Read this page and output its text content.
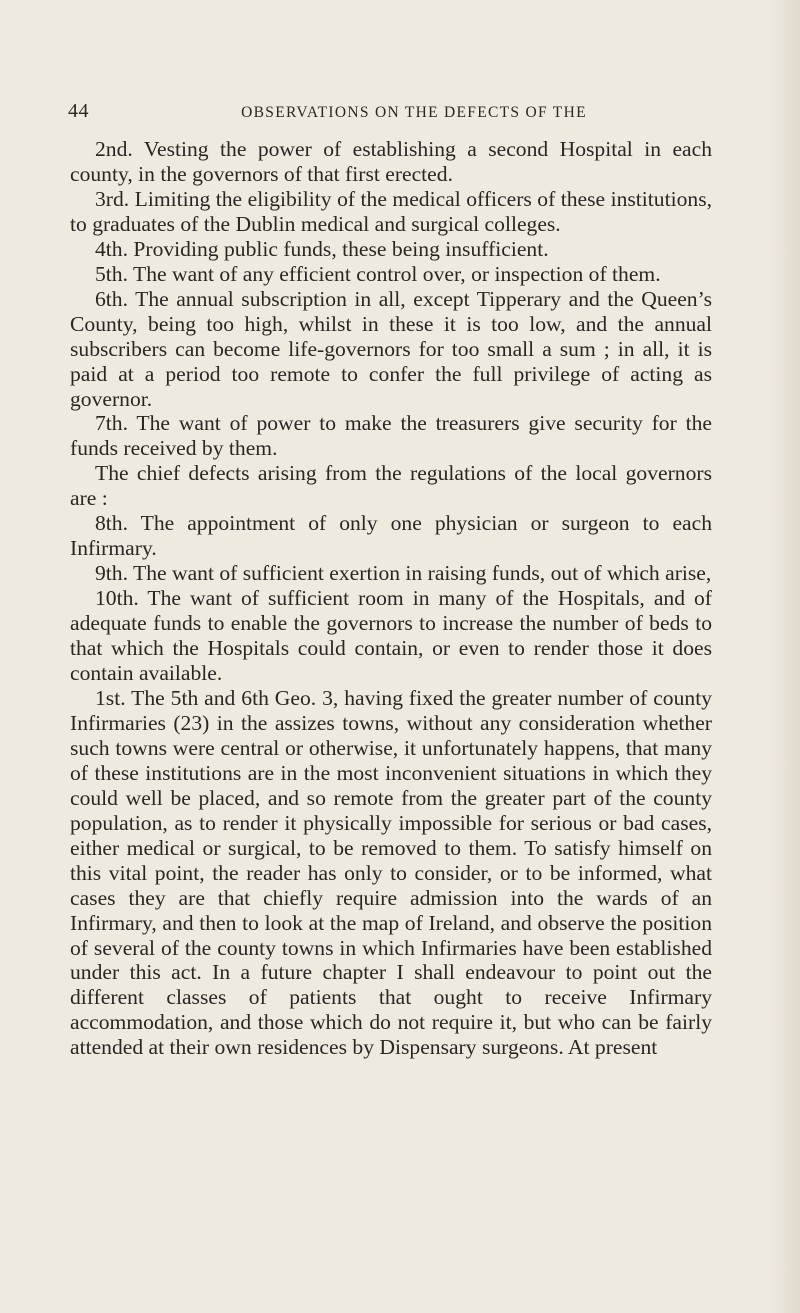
44	OBSERVATIONS ON THE DEFECTS OF THE

2nd. Vesting the power of establishing a second Hospital in each county, in the governors of that first erected.

3rd. Limiting the eligibility of the medical officers of these institutions, to graduates of the Dublin medical and surgical colleges.

4th. Providing public funds, these being insufficient.

5th. The want of any efficient control over, or inspection of them.

6th. The annual subscription in all, except Tipperary and the Queen’s County, being too high, whilst in these it is too low, and the annual subscribers can become life-governors for too small a sum ; in all, it is paid at a period too remote to confer the full privilege of acting as governor.

7th. The want of power to make the treasurers give security for the funds received by them.

The chief defects arising from the regulations of the local governors are :

8th. The appointment of only one physician or surgeon to each Infirmary.

9th. The want of sufficient exertion in raising funds, out of which arise,

10th. The want of sufficient room in many of the Hospitals, and of adequate funds to enable the governors to increase the number of beds to that which the Hospitals could contain, or even to render those it does contain available.

1st. The 5th and 6th Geo. 3, having fixed the greater number of county Infirmaries (23) in the assizes towns, without any consideration whether such towns were central or otherwise, it unfortunately happens, that many of these institutions are in the most inconvenient situations in which they could well be placed, and so remote from the greater part of the county population, as to render it physically impossible for serious or bad cases, either medical or surgical, to be removed to them. To satisfy himself on this vital point, the reader has only to consider, or to be informed, what cases they are that chiefly require admission into the wards of an Infirmary, and then to look at the map of Ireland, and observe the position of several of the county towns in which Infirmaries have been established under this act. In a future chapter I shall endeavour to point out the different classes of patients that ought to receive Infirmary accommodation, and those which do not require it, but who can be fairly attended at their own residences by Dispensary surgeons. At present
